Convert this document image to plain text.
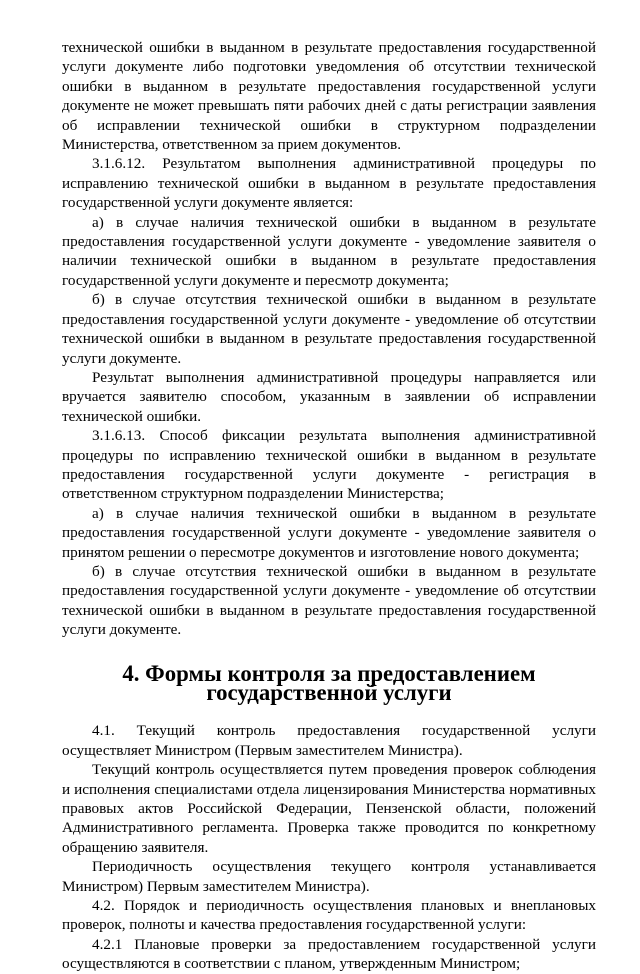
технической ошибки в выданном в результате предоставления государственной услуги документе либо подготовки уведомления об отсутствии технической ошибки в выданном в результате предоставления государственной услуги документе не может превышать пяти рабочих дней с даты регистрации заявления об исправлении технической ошибки в структурном подразделении Министерства, ответственном за прием документов.

3.1.6.12. Результатом выполнения административной процедуры по исправлению технической ошибки в выданном в результате предоставления государственной услуги документе является:

а) в случае наличия технической ошибки в выданном в результате предоставления государственной услуги документе - уведомление заявителя о наличии технической ошибки в выданном в результате предоставления государственной услуги документе и пересмотр документа;

б) в случае отсутствия технической ошибки в выданном в результате предоставления государственной услуги документе - уведомление об отсутствии технической ошибки в выданном в результате предоставления государственной услуги документе.

Результат выполнения административной процедуры направляется или вручается заявителю способом, указанным в заявлении об исправлении технической ошибки.

3.1.6.13. Способ фиксации результата выполнения административной процедуры по исправлению технической ошибки в выданном в результате предоставления государственной услуги документе - регистрация в ответственном структурном подразделении Министерства;

а) в случае наличия технической ошибки в выданном в результате предоставления государственной услуги документе - уведомление заявителя о принятом решении о пересмотре документов и изготовление нового документа;

б) в случае отсутствия технической ошибки в выданном в результате предоставления государственной услуги документе - уведомление об отсутствии технической ошибки в выданном в результате предоставления государственной услуги документе.

4. Формы контроля за предоставлением государственной услуги

4.1. Текущий контроль предоставления государственной услуги осуществляет Министром (Первым заместителем Министра).

Текущий контроль осуществляется путем проведения проверок соблюдения и исполнения специалистами отдела лицензирования Министерства нормативных правовых актов Российской Федерации, Пензенской области, положений Административного регламента. Проверка также проводится по конкретному обращению заявителя.

Периодичность осуществления текущего контроля устанавливается Министром) Первым заместителем Министра).

4.2. Порядок и периодичность осуществления плановых и внеплановых проверок, полноты и качества предоставления государственной услуги:

4.2.1 Плановые проверки за предоставлением государственной услуги осуществляются в соответствии с планом, утвержденным Министром;
